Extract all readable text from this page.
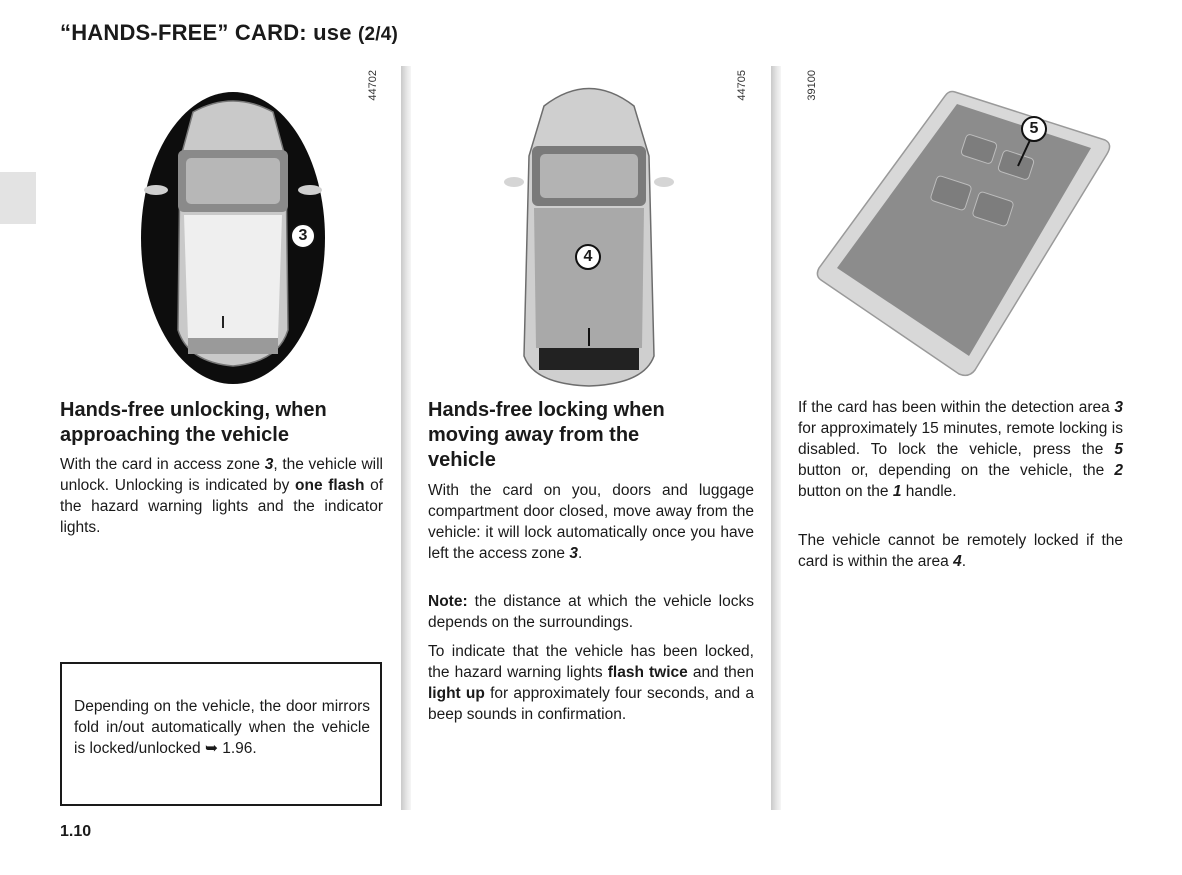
“HANDS-FREE” CARD: use (2/4)
3
44702
4
44705	39100
5
Hands-free unlocking, when
approaching the vehicle

With the card in access zone 3, the vehicle will unlock. Unlocking is indicated by one flash of the hazard warning lights and the indicator lights.

Depending on the vehicle, the door mirrors fold in/out automatically when the vehicle is locked/unlocked ➥ 1.96.

Hands-free locking when
moving away from the
vehicle

With the card on you, doors and luggage compartment door closed, move away from the vehicle: it will lock automatically once you have left the access zone 3.

Note: the distance at which the vehicle locks depends on the surroundings.

To indicate that the vehicle has been locked, the hazard warning lights flash twice and then light up for approximately four seconds, and a beep sounds in confirmation.

If the card has been within the detection area 3 for approximately 15 minutes, remote locking is disabled. To lock the vehicle, press the 5 button or, depending on the vehicle, the 2 button on the 1 handle.

The vehicle cannot be remotely locked if the card is within the area 4.

1.10
